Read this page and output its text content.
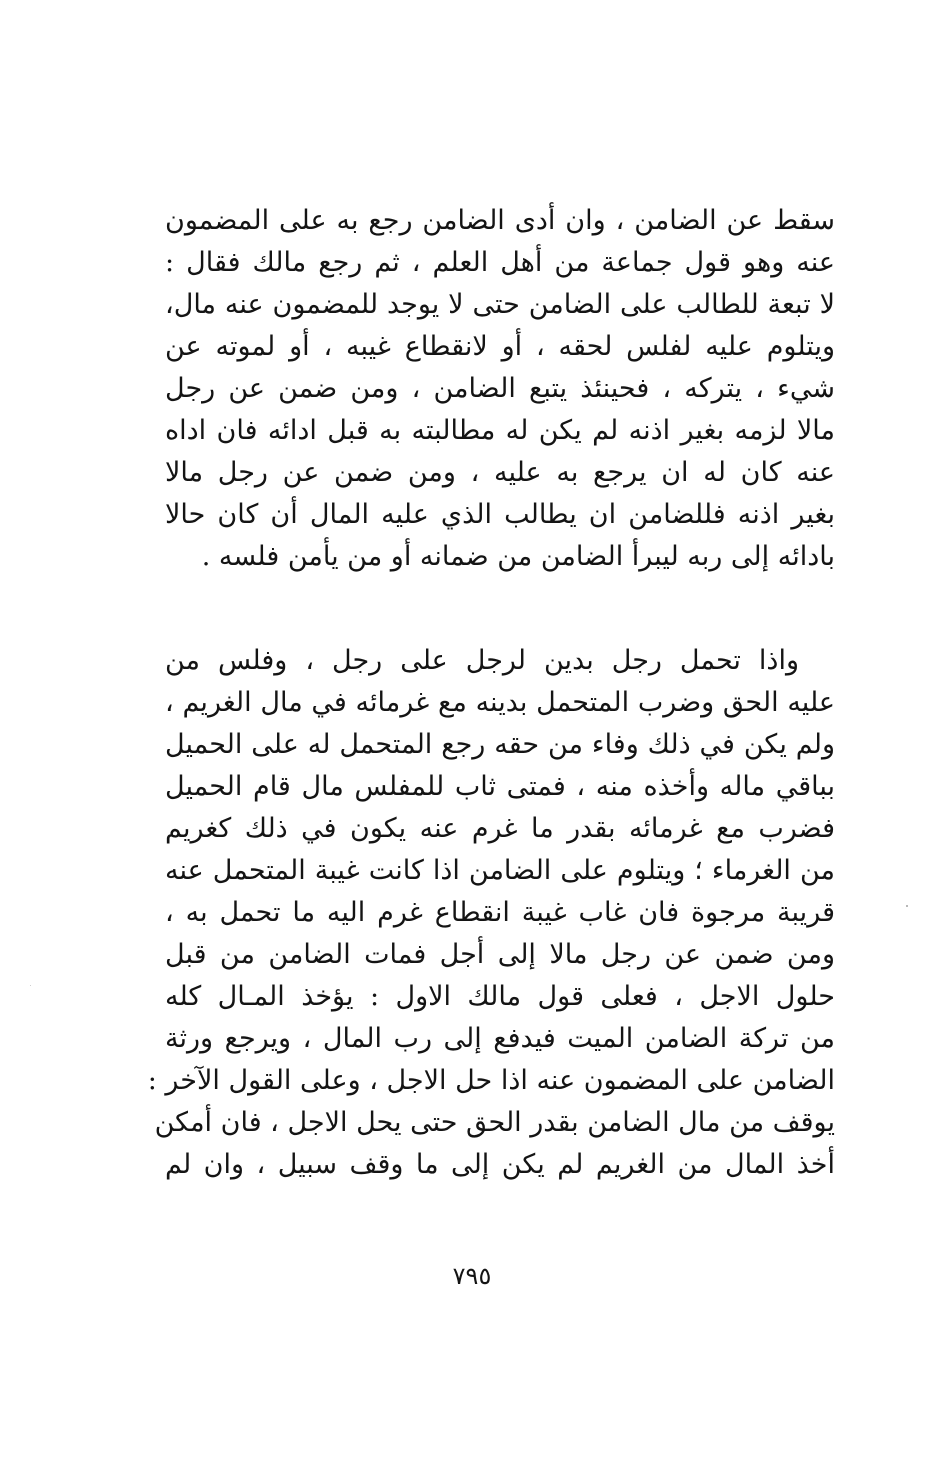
سقط عن الضامن ، وان أدى الضامن رجع به على المضمون
عنه وهو قول جماعة من أهل العلم ، ثم رجع مالك فقال :
لا تبعة للطالب على الضامن حتى لا يوجد للمضمون عنه مال،
ويتلوم عليه لفلس لحقه ، أو لانقطاع غيبه ، أو لموته عن
شيء ، يتركه ، فحينئذ يتبع الضامن ، ومن ضمن عن رجل
مالا لزمه بغير اذنه لم يكن له مطالبته به قبل ادائه فان اداه
عنه كان له ان يرجع به عليه ، ومن ضمن عن رجل مالا
بغير اذنه فللضامن ان يطالب الذي عليه المال أن كان حالا
بادائه إلى ربه ليبرأ الضامن من ضمانه أو من يأمن فلسه .
واذا تحمل رجل بدين لرجل على رجل ، وفلس من
عليه الحق وضرب المتحمل بدينه مع غرمائه في مال الغريم ،
ولم يكن في ذلك وفاء من حقه رجع المتحمل له على الحميل
بباقي ماله وأخذه منه ، فمتى ثاب للمفلس مال قام الحميل
فضرب مع غرمائه بقدر ما غرم عنه يكون في ذلك كغريم
من الغرماء ؛ ويتلوم على الضامن اذا كانت غيبة المتحمل عنه
قريبة مرجوة فان غاب غيبة انقطاع غرم اليه ما تحمل به ،
ومن ضمن عن رجل مالا إلى أجل فمات الضامن من قبل
حلول الاجل ، فعلى قول مالك الاول : يؤخذ المـال كله
من تركة الضامن الميت فيدفع إلى رب المال ، ويرجع ورثة
الضامن على المضمون عنه اذا حل الاجل ، وعلى القول الآخر :
يوقف من مال الضامن بقدر الحق حتى يحل الاجل ، فان أمكن
أخذ المال من الغريم لم يكن إلى ما وقف سبيل ، وان لم
٧٩٥
